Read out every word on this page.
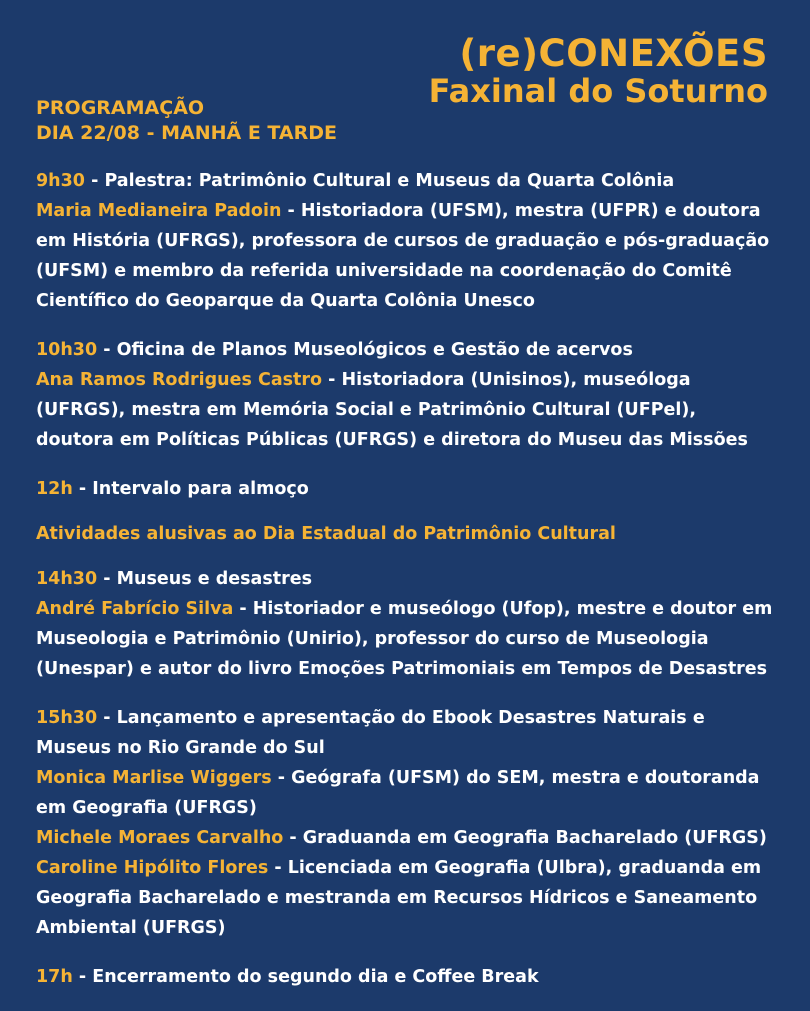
(re)CONEXÕES
Faxinal do Soturno
PROGRAMAÇÃO
DIA 22/08 - MANHÃ E TARDE
9h30 - Palestra: Patrimônio Cultural e Museus da Quarta Colônia
Maria Medianeira Padoin - Historiadora (UFSM), mestra (UFPR) e doutora em História (UFRGS), professora de cursos de graduação e pós-graduação (UFSM) e membro da referida universidade na coordenação do Comitê Científico do Geoparque da Quarta Colônia Unesco
10h30 - Oficina de Planos Museológicos e Gestão de acervos
Ana Ramos Rodrigues Castro - Historiadora (Unisinos), museóloga (UFRGS), mestra em Memória Social e Patrimônio Cultural (UFPel), doutora em Políticas Públicas (UFRGS) e diretora do Museu das Missões
12h - Intervalo para almoço
Atividades alusivas ao Dia Estadual do Patrimônio Cultural
14h30 - Museus e desastres
André Fabrício Silva - Historiador e museólogo (Ufop), mestre e doutor em Museologia e Patrimônio (Unirio), professor do curso de Museologia (Unespar) e autor do livro Emoções Patrimoniais em Tempos de Desastres
15h30 - Lançamento e apresentação do Ebook Desastres Naturais e Museus no Rio Grande do Sul
Monica Marlise Wiggers - Geógrafa (UFSM) do SEM, mestra e doutoranda em Geografia (UFRGS)
Michele Moraes Carvalho - Graduanda em Geografia Bacharelado (UFRGS)
Caroline Hipólito Flores - Licenciada em Geografia (Ulbra), graduanda em Geografia Bacharelado e mestranda em Recursos Hídricos e Saneamento Ambiental (UFRGS)
17h - Encerramento do segundo dia e Coffee Break
